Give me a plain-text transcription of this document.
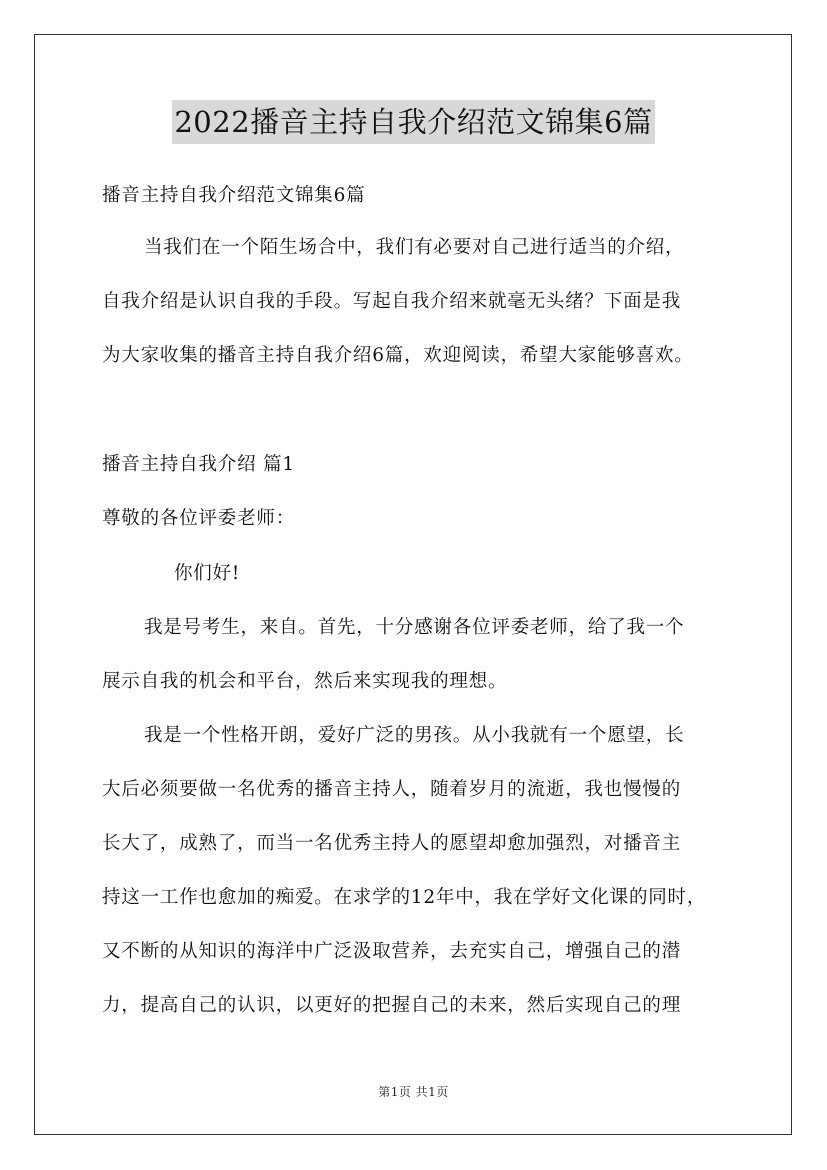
2022播音主持自我介绍范文锦集6篇
播音主持自我介绍范文锦集6篇
当我们在一个陌生场合中，我们有必要对自己进行适当的介绍，
自我介绍是认识自我的手段。写起自我介绍来就毫无头绪？下面是我
为大家收集的播音主持自我介绍6篇，欢迎阅读，希望大家能够喜欢。
播音主持自我介绍 篇1
尊敬的各位评委老师：
你们好!
我是号考生，来自。首先，十分感谢各位评委老师，给了我一个
展示自我的机会和平台，然后来实现我的理想。
我是一个性格开朗，爱好广泛的男孩。从小我就有一个愿望，长
大后必须要做一名优秀的播音主持人，随着岁月的流逝，我也慢慢的
长大了，成熟了，而当一名优秀主持人的愿望却愈加强烈，对播音主
持这一工作也愈加的痴爱。在求学的12年中，我在学好文化课的同时，
又不断的从知识的海洋中广泛汲取营养，去充实自己，增强自己的潜
力，提高自己的认识，以更好的把握自己的未来，然后实现自己的理
第1页 共1页
